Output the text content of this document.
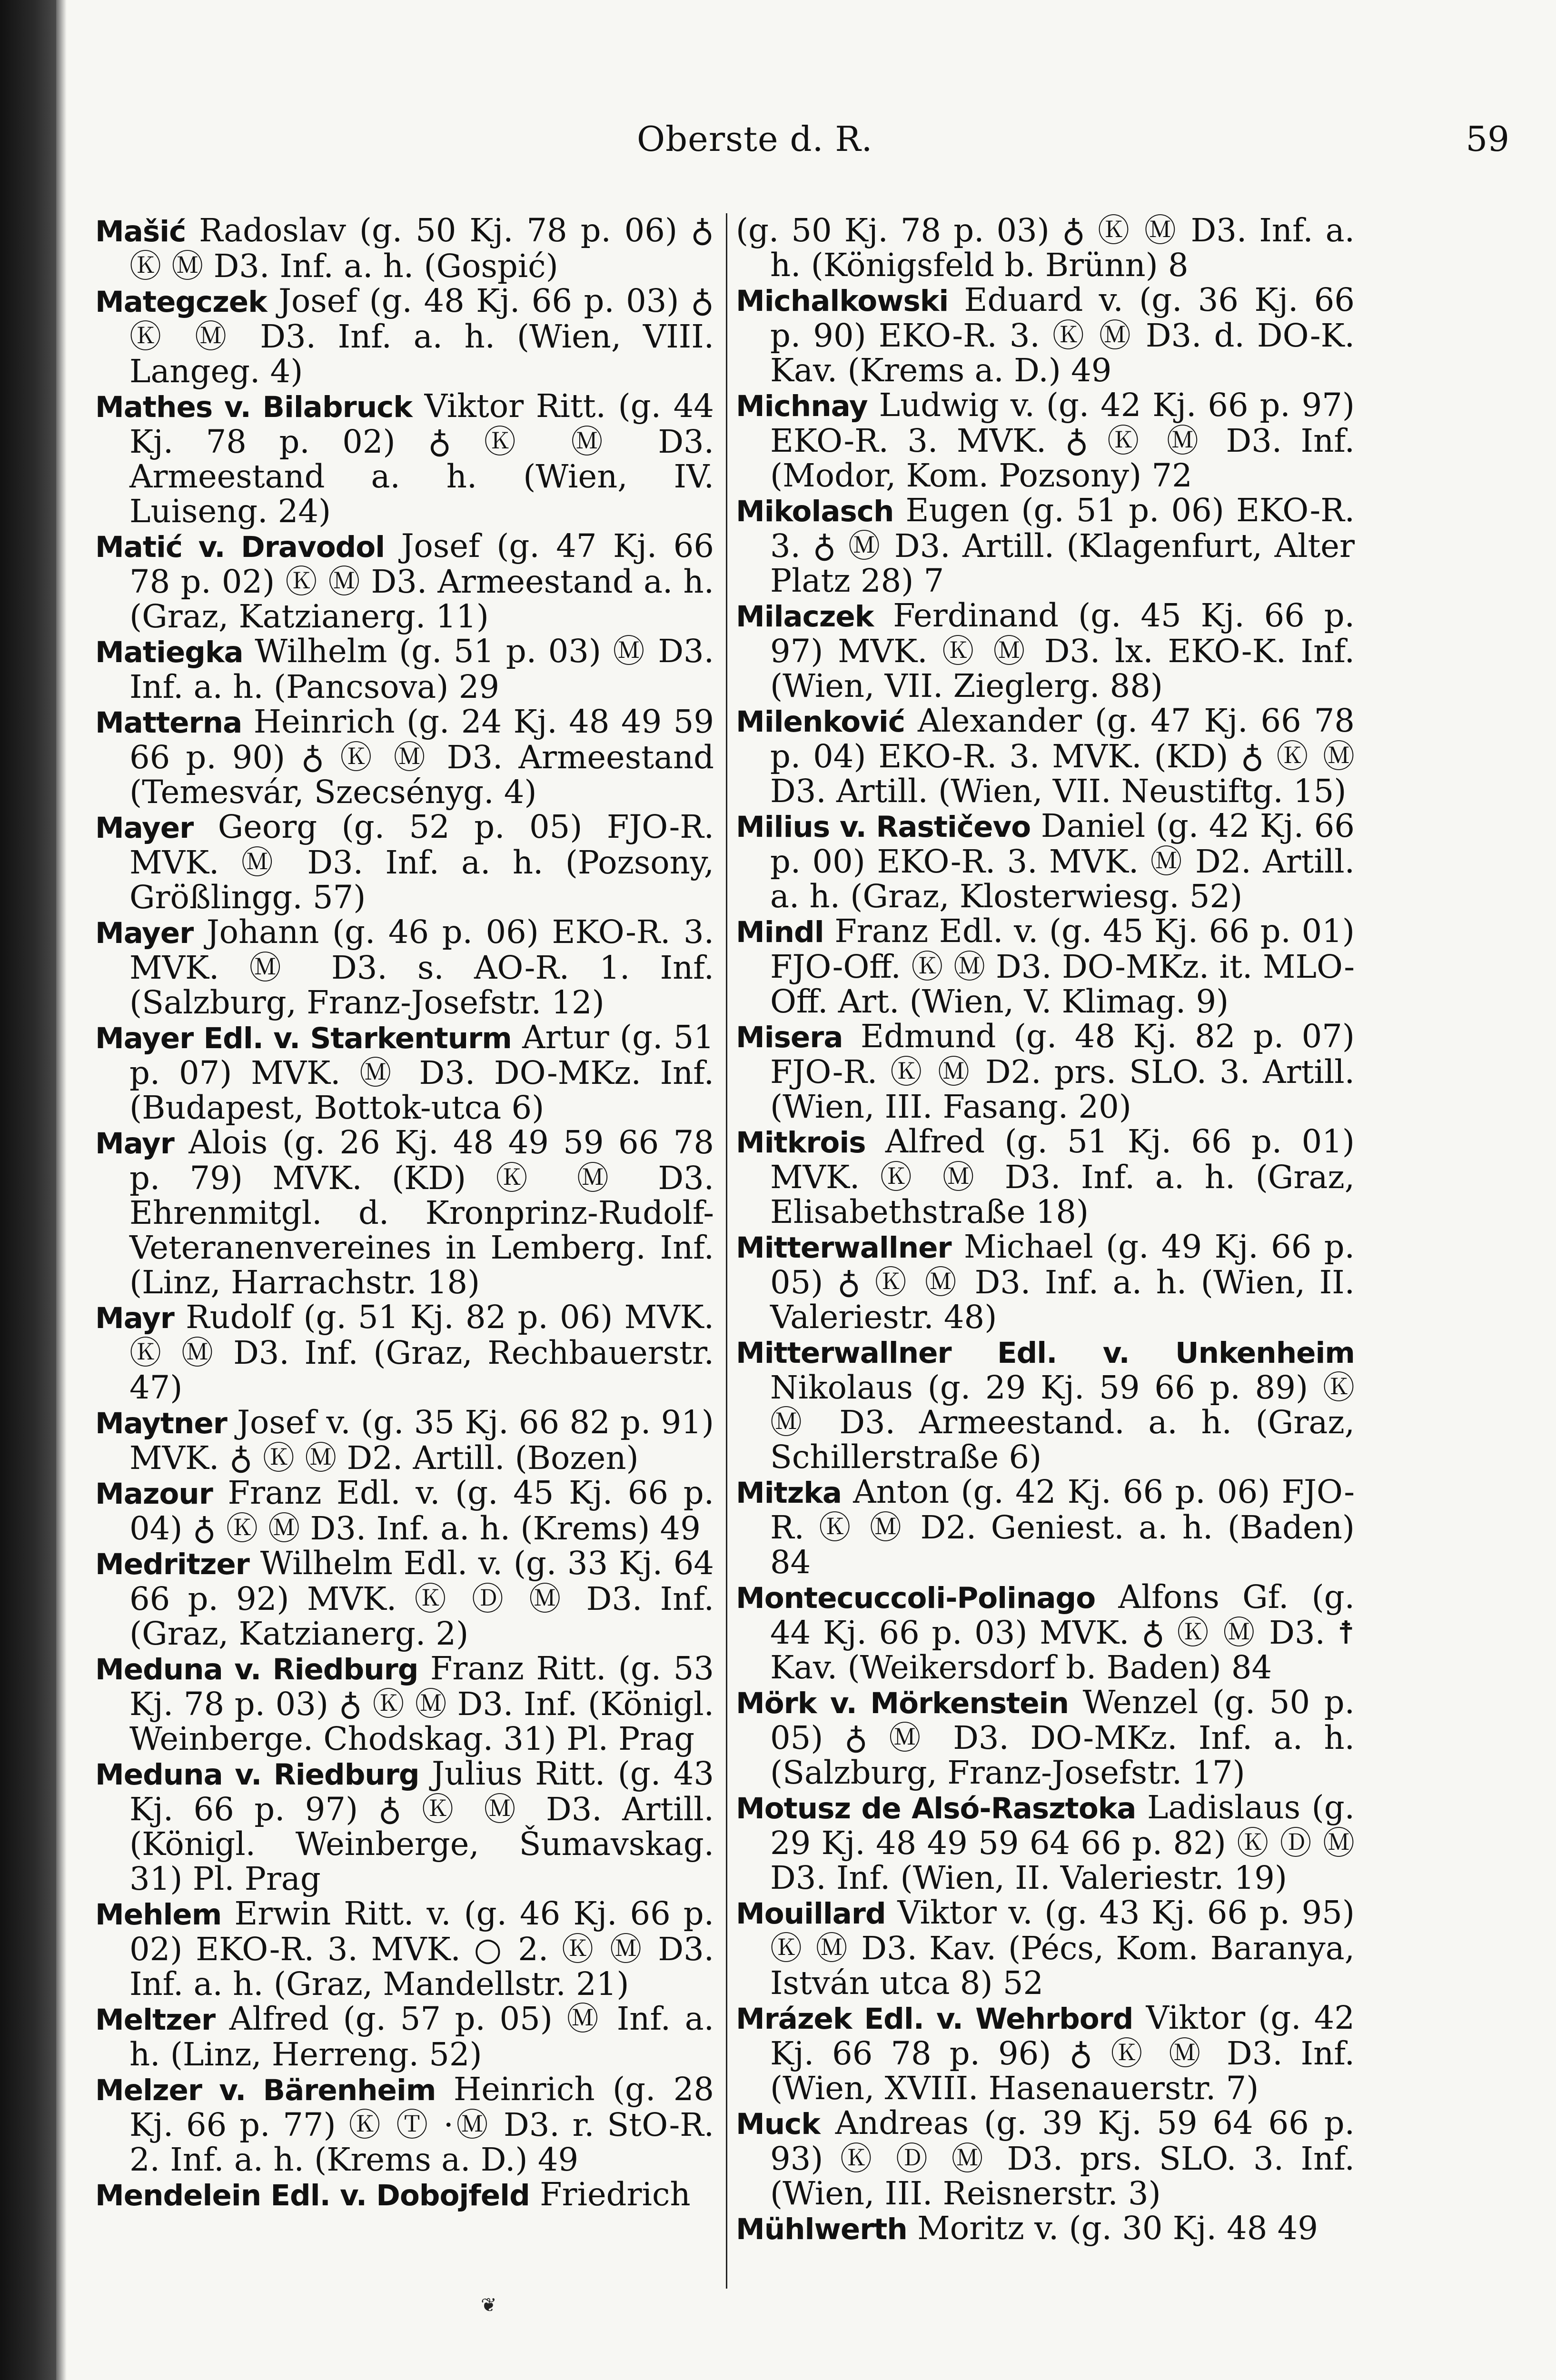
Oberste d. R.	59
Mašić Radoslav (g. 50 Kj. 78 p. 06) ♁ Ⓚ Ⓜ D3. Inf. a. h. (Gospić)
Mategczek Josef (g. 48 Kj. 66 p. 03) ♁ Ⓚ Ⓜ D3. Inf. a. h. (Wien, VIII. Langeg. 4)
Mathes v. Bilabruck Viktor Ritt. (g. 44 Kj. 78 p. 02) ♁ Ⓚ Ⓜ D3. Armeestand a. h. (Wien, IV. Luiseng. 24)
Matić v. Dravodol Josef (g. 47 Kj. 66 78 p. 02) Ⓚ Ⓜ D3. Armeestand a. h. (Graz, Katzianerg. 11)
Matiegka Wilhelm (g. 51 p. 03) Ⓜ D3. Inf. a. h. (Pancsova) 29
Matterna Heinrich (g. 24 Kj. 48 49 59 66 p. 90) ♁ Ⓚ Ⓜ D3. Armeestand (Temesvár, Szecsényg. 4)
Mayer Georg (g. 52 p. 05) FJO-R. MVK. Ⓜ D3. Inf. a. h. (Pozsony, Größlingg. 57)
Mayer Johann (g. 46 p. 06) EKO-R. 3. MVK. Ⓜ D3. s. AO-R. 1. Inf. (Salzburg, Franz-Josefstr. 12)
Mayer Edl. v. Starkenturm Artur (g. 51 p. 07) MVK. Ⓜ D3. DO-MKz. Inf. (Budapest, Bottok-utca 6)
Mayr Alois (g. 26 Kj. 48 49 59 66 78 p. 79) MVK. (KD) Ⓚ Ⓜ D3. Ehrenmitgl. d. Kronprinz-Rudolf-Veteranenvereines in Lemberg. Inf. (Linz, Harrachstr. 18)
Mayr Rudolf (g. 51 Kj. 82 p. 06) MVK. Ⓚ Ⓜ D3. Inf. (Graz, Rechbauerstr. 47)
Maytner Josef v. (g. 35 Kj. 66 82 p. 91) MVK. ♁ Ⓚ Ⓜ D2. Artill. (Bozen)
Mazour Franz Edl. v. (g. 45 Kj. 66 p. 04) ♁ Ⓚ Ⓜ D3. Inf. a. h. (Krems) 49
Medritzer Wilhelm Edl. v. (g. 33 Kj. 64 66 p. 92) MVK. Ⓚ Ⓓ Ⓜ D3. Inf. (Graz, Katzianerg. 2)
Meduna v. Riedburg Franz Ritt. (g. 53 Kj. 78 p. 03) ♁ Ⓚ Ⓜ D3. Inf. (Königl. Weinberge. Chodskag. 31) Pl. Prag
Meduna v. Riedburg Julius Ritt. (g. 43 Kj. 66 p. 97) ♁ Ⓚ Ⓜ D3. Artill. (Königl. Weinberge, Šumavskag. 31) Pl. Prag
Mehlem Erwin Ritt. v. (g. 46 Kj. 66 p. 02) EKO-R. 3. MVK. ○ 2. Ⓚ Ⓜ D3. Inf. a. h. (Graz, Mandellstr. 21)
Meltzer Alfred (g. 57 p. 05) Ⓜ Inf. a. h. (Linz, Herreng. 52)
Melzer v. Bärenheim Heinrich (g. 28 Kj. 66 p. 77) Ⓚ Ⓣ ·Ⓜ D3. r. StO-R. 2. Inf. a. h. (Krems a. D.) 49
Mendelein Edl. v. Dobojfeld Friedrich
(g. 50 Kj. 78 p. 03) ♁ Ⓚ Ⓜ D3. Inf. a. h. (Königsfeld b. Brünn) 8
Michalkowski Eduard v. (g. 36 Kj. 66 p. 90) EKO-R. 3. Ⓚ Ⓜ D3. d. DO-K. Kav. (Krems a. D.) 49
Michnay Ludwig v. (g. 42 Kj. 66 p. 97) EKO-R. 3. MVK. ♁ Ⓚ Ⓜ D3. Inf. (Modor, Kom. Pozsony) 72
Mikolasch Eugen (g. 51 p. 06) EKO-R. 3. ♁ Ⓜ D3. Artill. (Klagenfurt, Alter Platz 28) 7
Milaczek Ferdinand (g. 45 Kj. 66 p. 97) MVK. Ⓚ Ⓜ D3. lx. EKO-K. Inf. (Wien, VII. Zieglerg. 88)
Milenković Alexander (g. 47 Kj. 66 78 p. 04) EKO-R. 3. MVK. (KD) ♁ Ⓚ Ⓜ D3. Artill. (Wien, VII. Neustiftg. 15)
Milius v. Rastičevo Daniel (g. 42 Kj. 66 p. 00) EKO-R. 3. MVK. Ⓜ D2. Artill. a. h. (Graz, Klosterwiesg. 52)
Mindl Franz Edl. v. (g. 45 Kj. 66 p. 01) FJO-Off. Ⓚ Ⓜ D3. DO-MKz. it. MLO-Off. Art. (Wien, V. Klimag. 9)
Misera Edmund (g. 48 Kj. 82 p. 07) FJO-R. Ⓚ Ⓜ D2. prs. SLO. 3. Artill. (Wien, III. Fasang. 20)
Mitkrois Alfred (g. 51 Kj. 66 p. 01) MVK. Ⓚ Ⓜ D3. Inf. a. h. (Graz, Elisabethstraße 18)
Mitterwallner Michael (g. 49 Kj. 66 p. 05) ♁ Ⓚ Ⓜ D3. Inf. a. h. (Wien, II. Valeriestr. 48)
Mitterwallner Edl. v. Unkenheim Nikolaus (g. 29 Kj. 59 66 p. 89) Ⓚ Ⓜ D3. Armeestand. a. h. (Graz, Schillerstraße 6)
Mitzka Anton (g. 42 Kj. 66 p. 06) FJO-R. Ⓚ Ⓜ D2. Geniest. a. h. (Baden) 84
Montecuccoli-Polinago Alfons Gf. (g. 44 Kj. 66 p. 03) MVK. ♁ Ⓚ Ⓜ D3. ☨ Kav. (Weikersdorf b. Baden) 84
Mörk v. Mörkenstein Wenzel (g. 50 p. 05) ♁ Ⓜ D3. DO-MKz. Inf. a. h. (Salzburg, Franz-Josefstr. 17)
Motusz de Alsó-Rasztoka Ladislaus (g. 29 Kj. 48 49 59 64 66 p. 82) Ⓚ Ⓓ Ⓜ D3. Inf. (Wien, II. Valeriestr. 19)
Mouillard Viktor v. (g. 43 Kj. 66 p. 95) Ⓚ Ⓜ D3. Kav. (Pécs, Kom. Baranya, István utca 8) 52
Mrázek Edl. v. Wehrbord Viktor (g. 42 Kj. 66 78 p. 96) ♁ Ⓚ Ⓜ D3. Inf. (Wien, XVIII. Hasenauerstr. 7)
Muck Andreas (g. 39 Kj. 59 64 66 p. 93) Ⓚ Ⓓ Ⓜ D3. prs. SLO. 3. Inf. (Wien, III. Reisnerstr. 3)
Mühlwerth Moritz v. (g. 30 Kj. 48 49
❦
